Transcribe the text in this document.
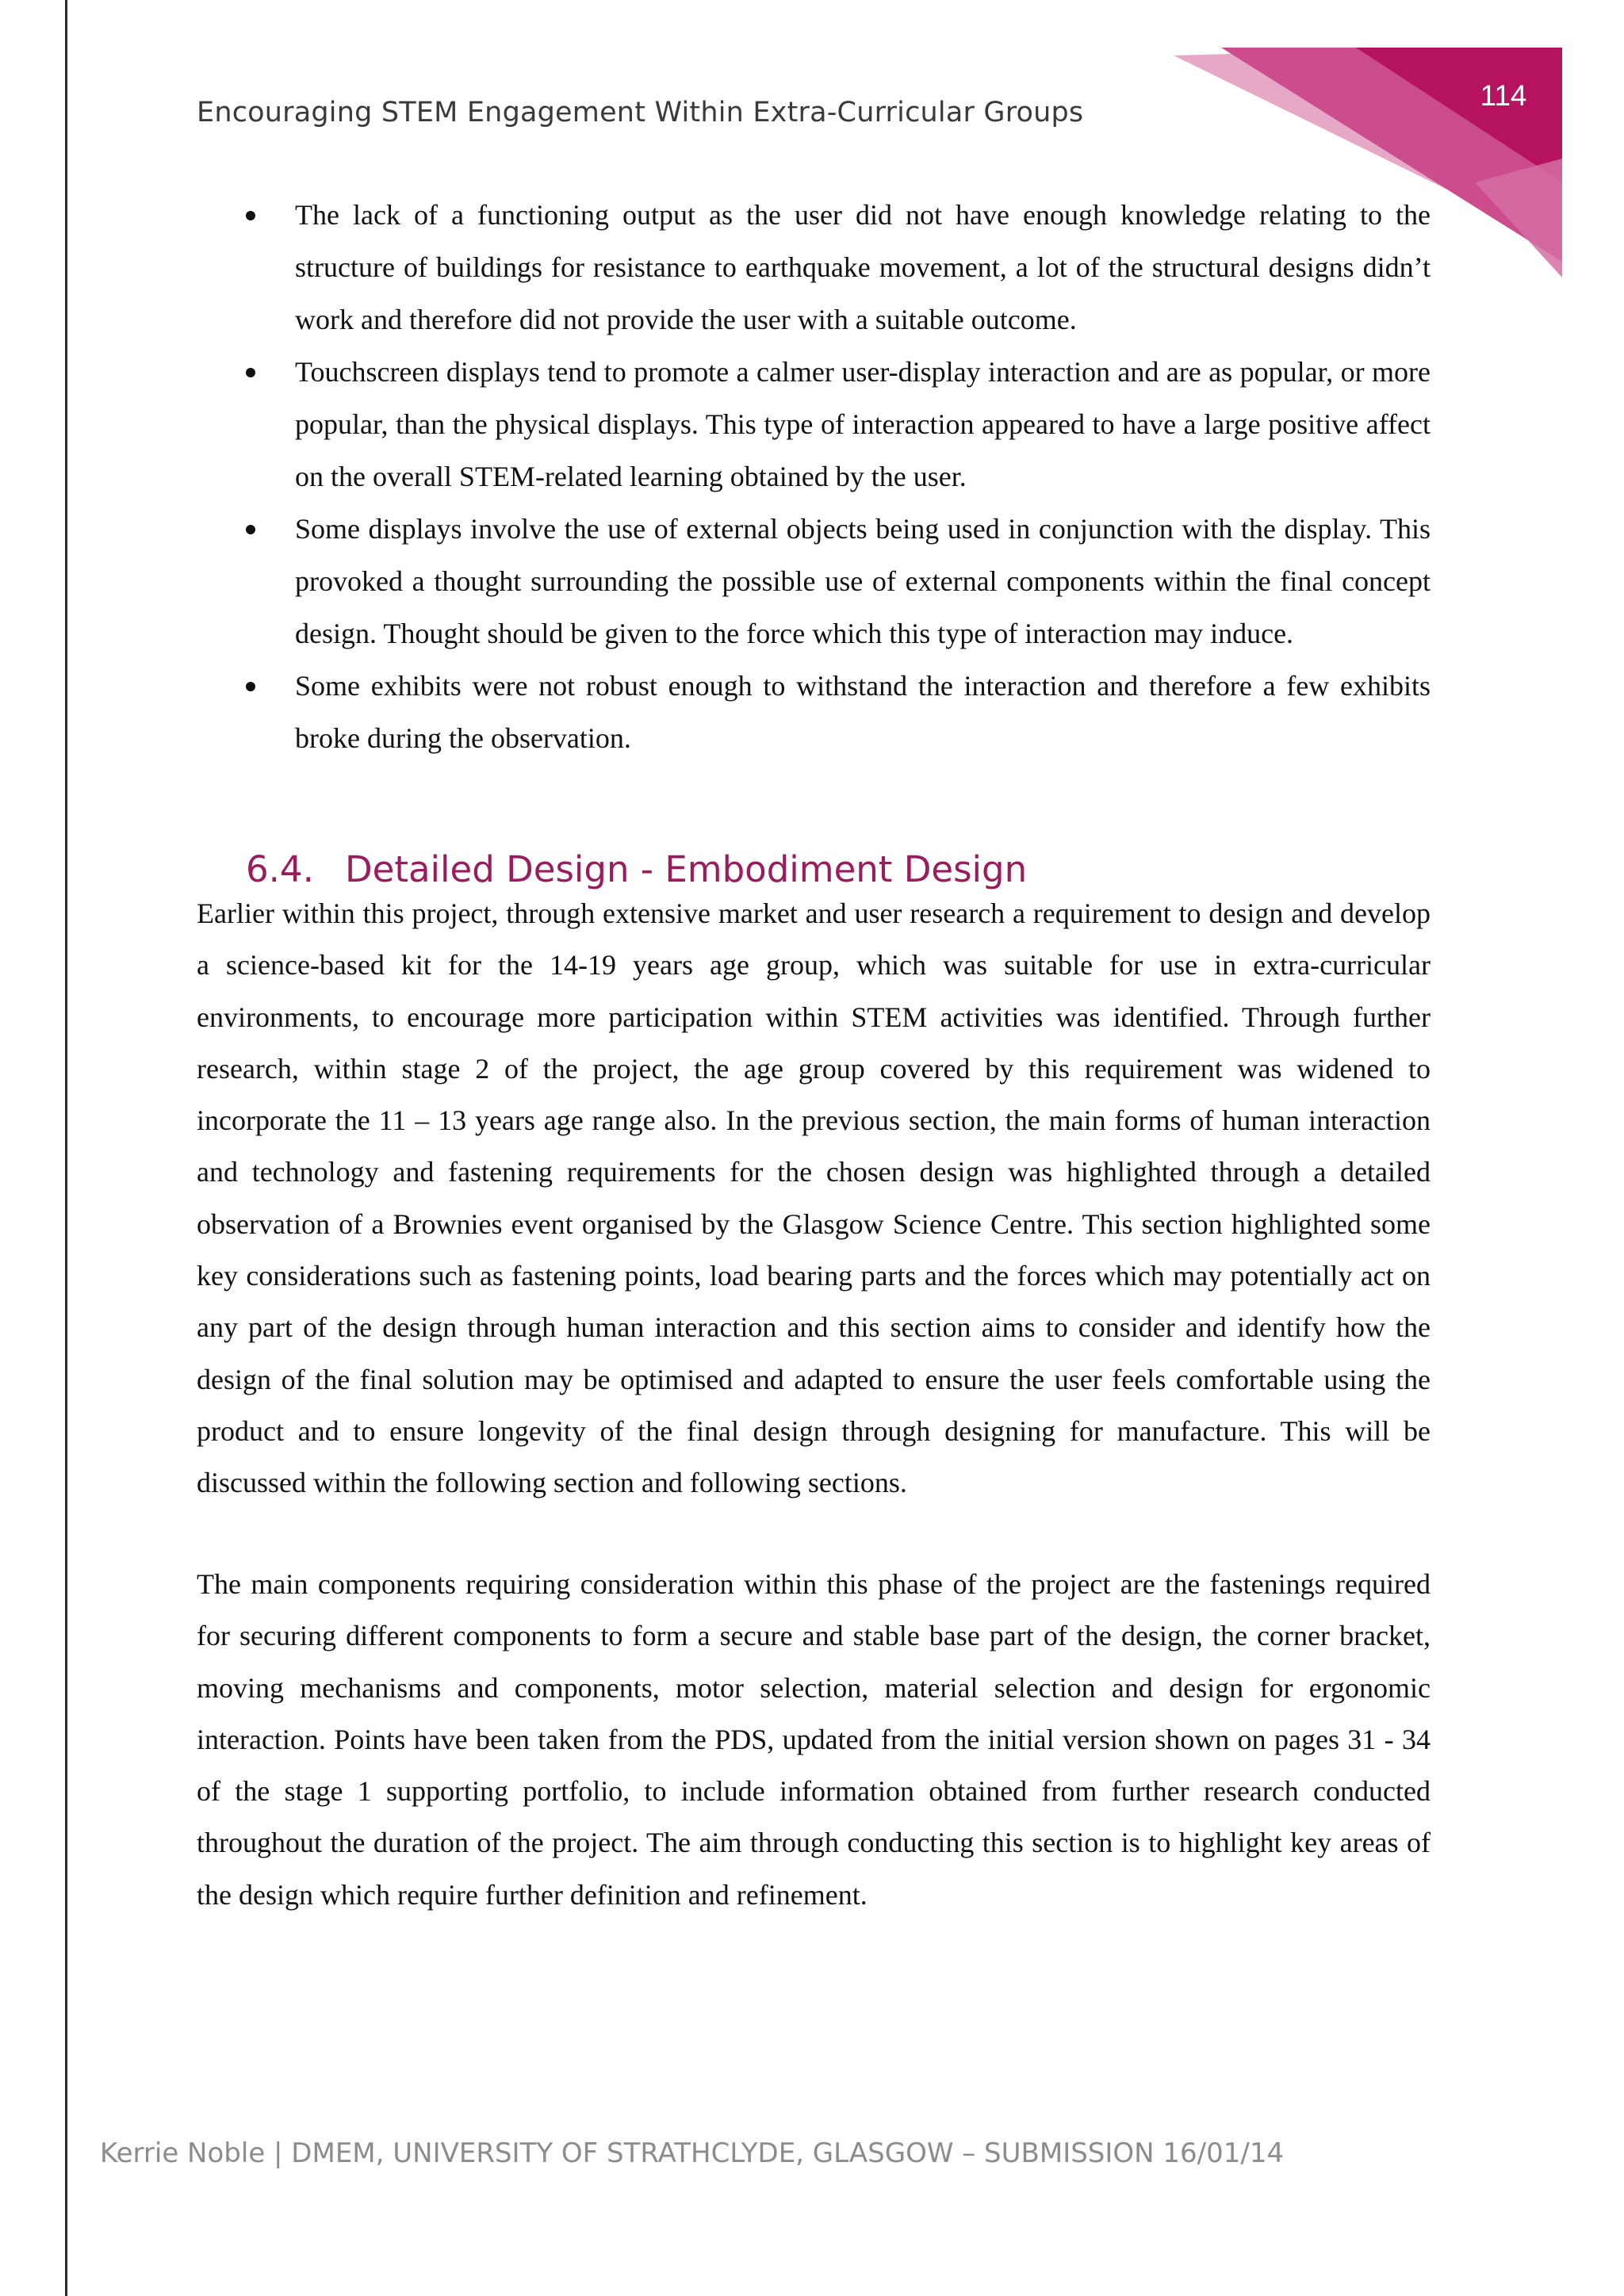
114
Encouraging STEM Engagement Within Extra-Curricular Groups
The lack of a functioning output as the user did not have enough knowledge relating to the structure of buildings for resistance to earthquake movement, a lot of the structural designs didn’t work and therefore did not provide the user with a suitable outcome.
Touchscreen displays tend to promote a calmer user-display interaction and are as popular, or more popular, than the physical displays. This type of interaction appeared to have a large positive affect on the overall STEM-related learning obtained by the user.
Some displays involve the use of external objects being used in conjunction with the display. This provoked a thought surrounding the possible use of external components within the final concept design. Thought should be given to the force which this type of interaction may induce.
Some exhibits were not robust enough to withstand the interaction and therefore a few exhibits broke during the observation.
6.4. Detailed Design - Embodiment Design

Earlier within this project, through extensive market and user research a requirement to design and develop a science-based kit for the 14-19 years age group, which was suitable for use in extra-curricular environments, to encourage more participation within STEM activities was identified. Through further research, within stage 2 of the project, the age group covered by this requirement was widened to incorporate the 11 – 13 years age range also. In the previous section, the main forms of human interaction and technology and fastening requirements for the chosen design was highlighted through a detailed observation of a Brownies event organised by the Glasgow Science Centre. This section highlighted some key considerations such as fastening points, load bearing parts and the forces which may potentially act on any part of the design through human interaction and this section aims to consider and identify how the design of the final solution may be optimised and adapted to ensure the user feels comfortable using the product and to ensure longevity of the final design through designing for manufacture. This will be discussed within the following section and following sections.

The main components requiring consideration within this phase of the project are the fastenings required for securing different components to form a secure and stable base part of the design, the corner bracket, moving mechanisms and components, motor selection, material selection and design for ergonomic interaction. Points have been taken from the PDS, updated from the initial version shown on pages 31 - 34 of the stage 1 supporting portfolio, to include information obtained from further research conducted throughout the duration of the project. The aim through conducting this section is to highlight key areas of the design which require further definition and refinement.

Kerrie Noble | DMEM, UNIVERSITY OF STRATHCLYDE, GLASGOW – SUBMISSION 16/01/14
